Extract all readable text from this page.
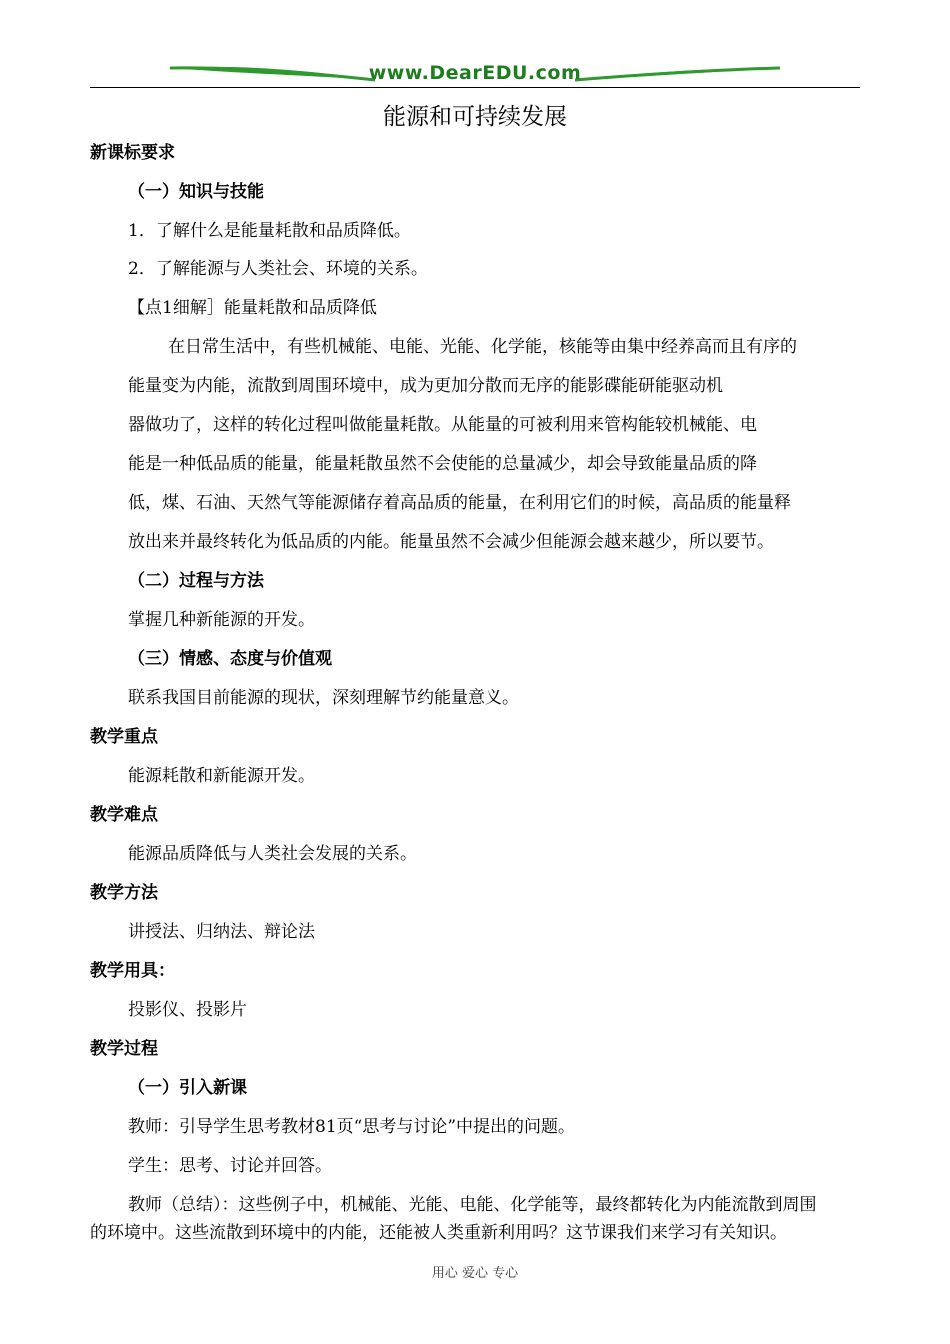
www.DearEDU.com
能源和可持续发展
新课标要求
（一）知识与技能
1．了解什么是能量耗散和品质降低。
2．了解能源与人类社会、环境的关系。
【点1细解］能量耗散和品质降低
在日常生活中，有些机械能、电能、光能、化学能，核能等由集中经养高而且有序的
能量变为内能，流散到周围环境中，成为更加分散而无序的能影碟能研能驱动机
器做功了，这样的转化过程叫做能量耗散。从能量的可被利用来管构能较机械能、电
能是一种低品质的能量，能量耗散虽然不会使能的总量减少，却会导致能量品质的降
低，煤、石油、天然气等能源储存着高品质的能量，在利用它们的时候，高品质的能量释
放出来并最终转化为低品质的内能。能量虽然不会减少但能源会越来越少，所以要节。
（二）过程与方法
掌握几种新能源的开发。
（三）情感、态度与价值观
联系我国目前能源的现状，深刻理解节约能量意义。
教学重点
能源耗散和新能源开发。
教学难点
能源品质降低与人类社会发展的关系。
教学方法
讲授法、归纳法、辩论法
教学用具：
投影仪、投影片
教学过程
（一）引入新课
教师：引导学生思考教材81页“思考与讨论”中提出的问题。
学生：思考、讨论并回答。
教师（总结）：这些例子中，机械能、光能、电能、化学能等，最终都转化为内能流散到周围
的环境中。这些流散到环境中的内能，还能被人类重新利用吗？这节课我们来学习有关知识。
用心 爱心 专心
